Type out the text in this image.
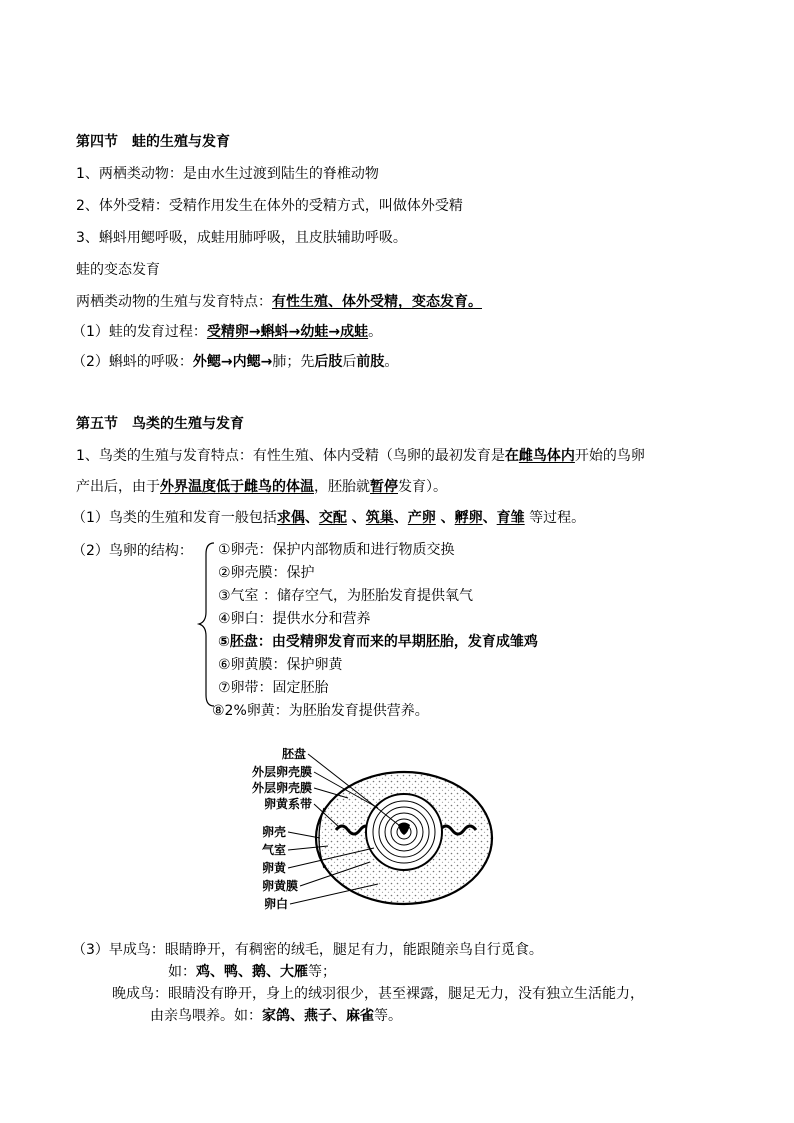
第四节　蛙的生殖与发育
1、两栖类动物：是由水生过渡到陆生的脊椎动物
2、体外受精：受精作用发生在体外的受精方式，叫做体外受精
3、蝌蚪用鳃呼吸，成蛙用肺呼吸，且皮肤辅助呼吸。
蛙的变态发育
两栖类动物的生殖与发育特点：有性生殖、体外受精，变态发育。
（1）蛙的发育过程：受精卵→蝌蚪→幼蛙→成蛙。
（2）蝌蚪的呼吸：外鳃→内鳃→肺；先后肢后前肢。
第五节　鸟类的生殖与发育
1、鸟类的生殖与发育特点：有性生殖、体内受精（鸟卵的最初发育是在雌鸟体内开始的鸟卵
产出后，由于外界温度低于雌鸟的体温，胚胎就暂停发育）。
（1）鸟类的生殖和发育一般包括求偶、交配 、筑巢、产卵 、孵卵、育雏 等过程。
（2）鸟卵的结构： ①卵壳：保护内部物质和进行物质交换
②卵壳膜：保护
③气室 ：储存空气，为胚胎发育提供氧气
④卵白：提供水分和营养
⑤胚盘：由受精卵发育而来的早期胚胎，发育成雏鸡
⑥卵黄膜：保护卵黄
⑦卵带：固定胚胎
⑧2%卵黄：为胚胎发育提供营养。
胚盘
外层卵壳膜
外层卵壳膜
卵黄系带
卵壳
气室
卵黄
卵黄膜
卵白
（3）早成鸟：眼睛睁开，有稠密的绒毛，腿足有力，能跟随亲鸟自行觅食。
如：鸡、鸭、鹅、大雁等；
晚成鸟：眼睛没有睁开，身上的绒羽很少，甚至裸露，腿足无力，没有独立生活能力，
由亲鸟喂养。如：家鸽、燕子、麻雀等。
